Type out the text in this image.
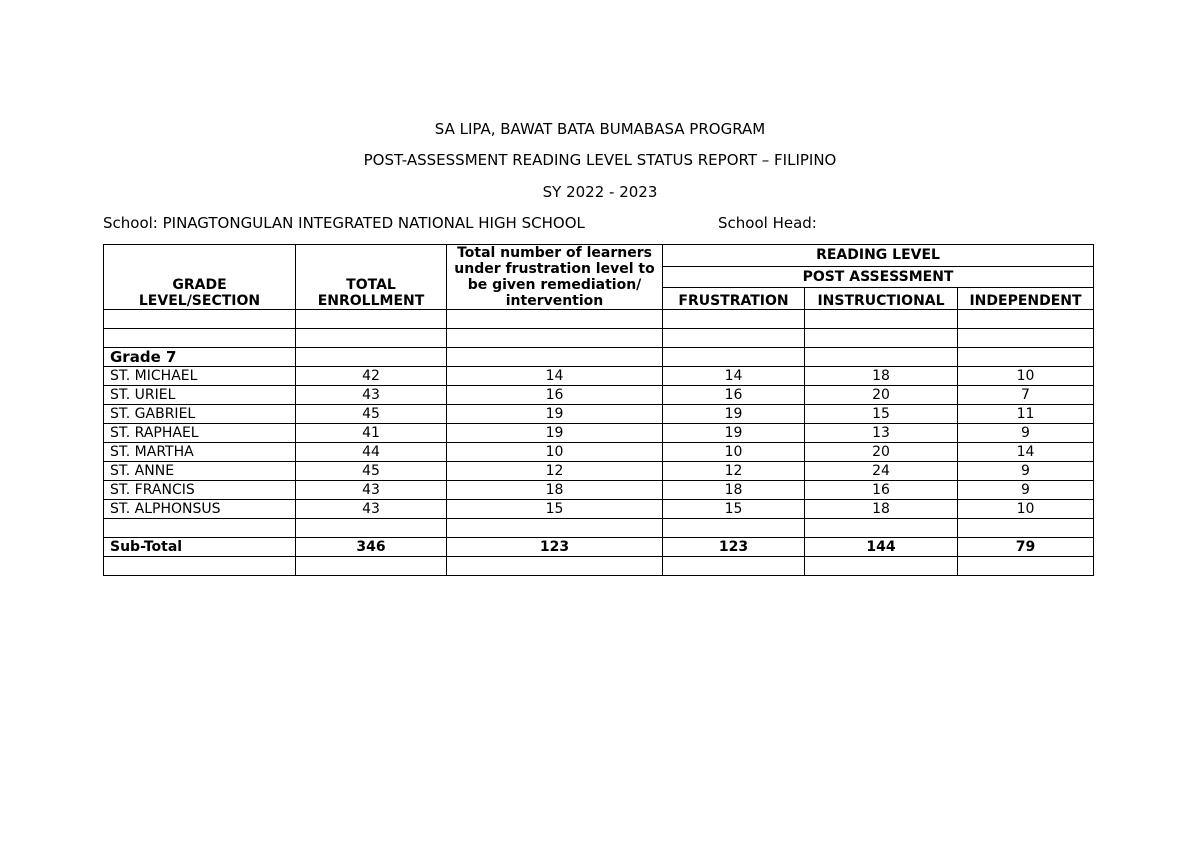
SA LIPA, BAWAT BATA BUMABASA PROGRAM
POST-ASSESSMENT READING LEVEL STATUS REPORT – FILIPINO
SY 2022 - 2023
School: PINAGTONGULAN INTEGRATED NATIONAL HIGH SCHOOL	School Head:
GRADE LEVEL/SECTION	TOTAL ENROLLMENT	Total number of learners under frustration level to be given remediation/ intervention	READING LEVEL		
			POST ASSESSMENT		
			FRUSTRATION	INSTRUCTIONAL	INDEPENDENT

Grade 7					
ST. MICHAEL	42	14	14	18	10
ST. URIEL	43	16	16	20	7
ST. GABRIEL	45	19	19	15	11
ST. RAPHAEL	41	19	19	13	9
ST. MARTHA	44	10	10	20	14
ST. ANNE	45	12	12	24	9
ST. FRANCIS	43	18	18	16	9
ST. ALPHONSUS	43	15	15	18	10

Sub-Total	346	123	123	144	79
